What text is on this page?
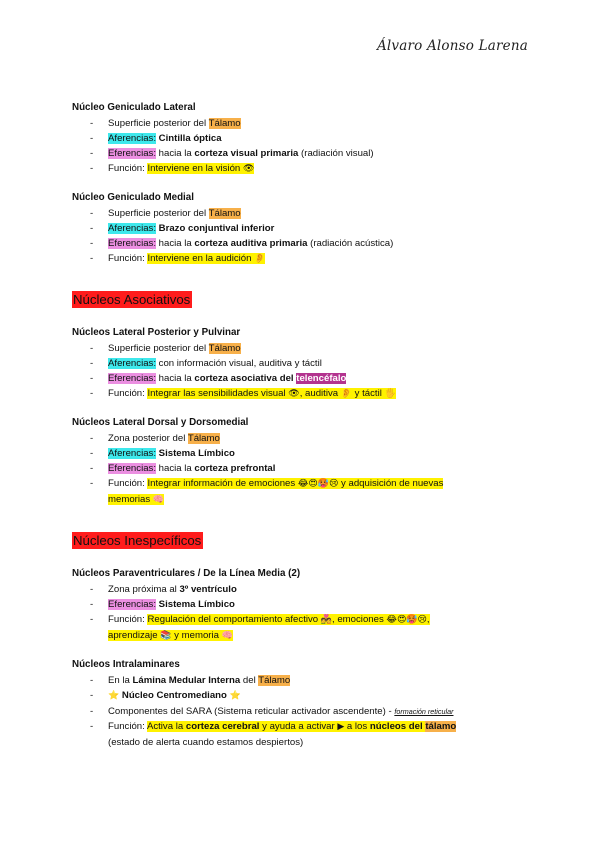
Álvaro Alonso Larena
Núcleo Geniculado Lateral
- Superficie posterior del Tálamo
- Aferencias: Cintilla óptica
- Eferencias: hacia la corteza visual primaria (radiación visual)
- Función: Interviene en la visión 👁
Núcleo Geniculado Medial
- Superficie posterior del Tálamo
- Aferencias: Brazo conjuntival inferior
- Eferencias: hacia la corteza auditiva primaria (radiación acústica)
- Función: Interviene en la audición 👂
Núcleos Asociativos
Núcleos Lateral Posterior y Pulvinar
- Superficie posterior del Tálamo
- Aferencias: con información visual, auditiva y táctil
- Eferencias: hacia la corteza asociativa del telencéfalo
- Función: Integrar las sensibilidades visual 👁, auditiva 👂 y táctil 🖐
Núcleos Lateral Dorsal y Dorsomedial
- Zona posterior del Tálamo
- Aferencias: Sistema Límbico
- Eferencias: hacia la corteza prefrontal
- Función: Integrar información de emociones 😂😍🥵😢 y adquisición de nuevas
memorias 🧠
Núcleos Inespecíficos
Núcleos Paraventriculares / De la Línea Media (2)
- Zona próxima al 3º ventrículo
- Eferencias: Sistema Límbico
- Función: Regulación del comportamiento afectivo 💑, emociones 😂😍🥵😢,
aprendizaje 📚 y memoria 🧠
Núcleos Intralaminares
- En la Lámina Medular Interna del Tálamo
- ⭐ Núcleo Centromediano ⭐
- Componentes del SARA (Sistema reticular activador ascendente) - formación reticular
- Función: Activa la corteza cerebral y ayuda a activar ▶ a los núcleos del tálamo
(estado de alerta cuando estamos despiertos)
